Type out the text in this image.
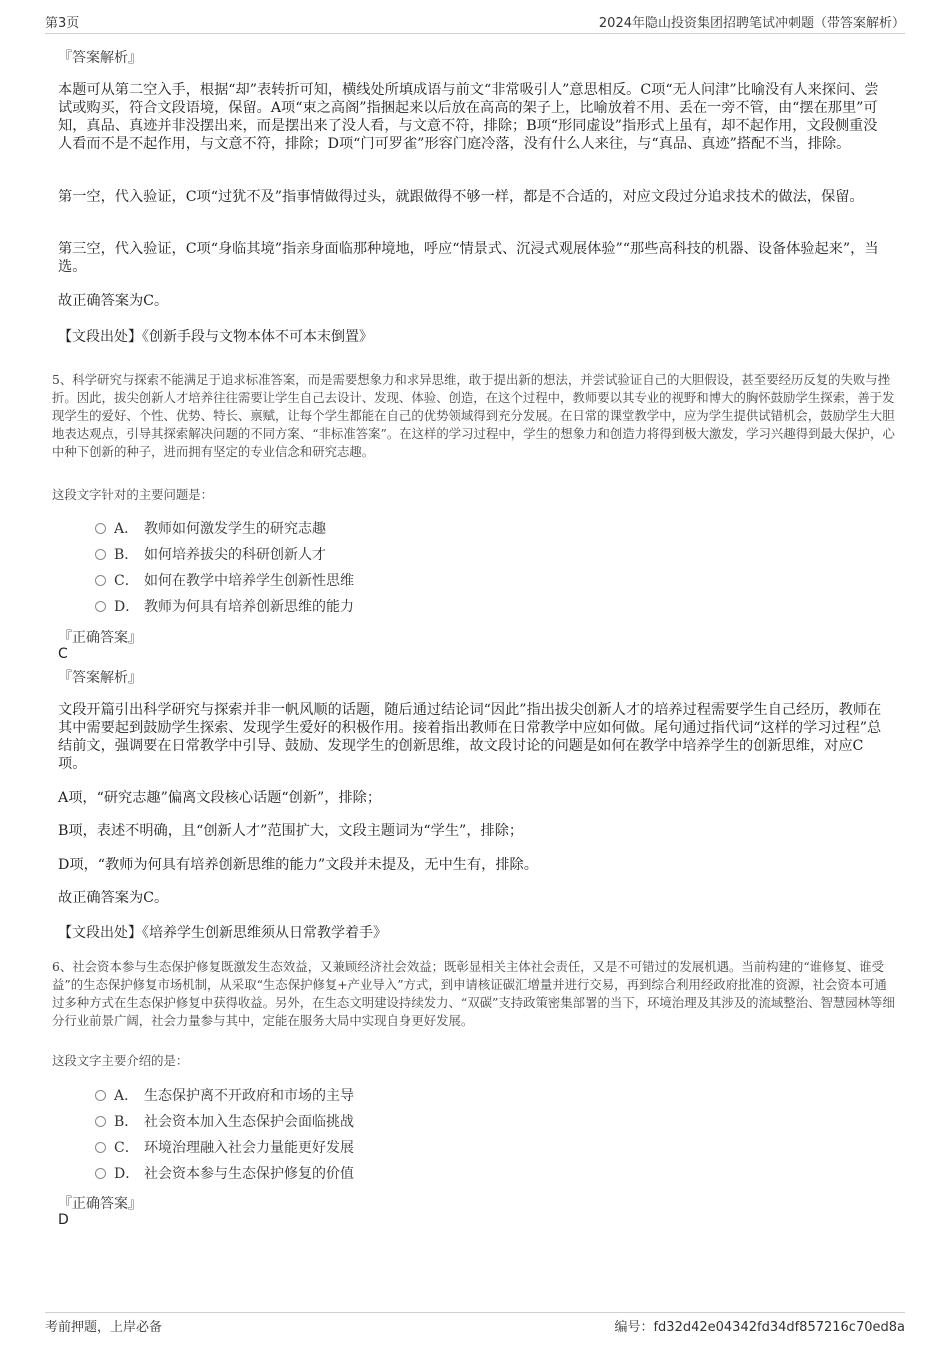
第3页	2024年隐山投资集团招聘笔试冲刺题（带答案解析）
『答案解析』

本题可从第二空入手，根据“却”表转折可知，横线处所填成语与前文“非常吸引人”意思相反。C项“无人问津”比喻没有人来探问、尝试或购买，符合文段语境，保留。A项“束之高阁”指捆起来以后放在高高的架子上，比喻放着不用、丢在一旁不管，由“摆在那里”可知，真品、真迹并非没摆出来，而是摆出来了没人看，与文意不符，排除；B项“形同虚设”指形式上虽有，却不起作用，文段侧重没人看而不是不起作用，与文意不符，排除；D项“门可罗雀”形容门庭冷落，没有什么人来往，与“真品、真迹”搭配不当，排除。

第一空，代入验证，C项“过犹不及”指事情做得过头，就跟做得不够一样，都是不合适的，对应文段过分追求技术的做法，保留。

第三空，代入验证，C项“身临其境”指亲身面临那种境地，呼应“情景式、沉浸式观展体验”“那些高科技的机器、设备体验起来”，当选。

故正确答案为C。

【文段出处】《创新手段与文物本体不可本末倒置》

5、科学研究与探索不能满足于追求标准答案，而是需要想象力和求异思维，敢于提出新的想法，并尝试验证自己的大胆假设，甚至要经历反复的失败与挫折。因此，拔尖创新人才培养往往需要让学生自己去设计、发现、体验、创造，在这个过程中，教师要以其专业的视野和博大的胸怀鼓励学生探索，善于发现学生的爱好、个性、优势、特长、禀赋，让每个学生都能在自己的优势领域得到充分发展。在日常的课堂教学中，应为学生提供试错机会，鼓励学生大胆地表达观点，引导其探索解决问题的不同方案、“非标准答案”。在这样的学习过程中，学生的想象力和创造力将得到极大激发，学习兴趣得到最大保护，心中种下创新的种子，进而拥有坚定的专业信念和研究志趣。

这段文字针对的主要问题是：
A． 教师如何激发学生的研究志趣
B． 如何培养拔尖的科研创新人才
C． 如何在教学中培养学生创新性思维
D． 教师为何具有培养创新思维的能力
『正确答案』
C
『答案解析』

文段开篇引出科学研究与探索并非一帆风顺的话题，随后通过结论词“因此”指出拔尖创新人才的培养过程需要学生自己经历，教师在其中需要起到鼓励学生探索、发现学生爱好的积极作用。接着指出教师在日常教学中应如何做。尾句通过指代词“这样的学习过程”总结前文，强调要在日常教学中引导、鼓励、发现学生的创新思维，故文段讨论的问题是如何在教学中培养学生的创新思维，对应C项。

A项，“研究志趣”偏离文段核心话题“创新”，排除；

B项，表述不明确，且“创新人才”范围扩大，文段主题词为“学生”，排除；

D项，“教师为何具有培养创新思维的能力”文段并未提及，无中生有，排除。

故正确答案为C。

【文段出处】《培养学生创新思维须从日常教学着手》

6、社会资本参与生态保护修复既激发生态效益，又兼顾经济社会效益；既彰显相关主体社会责任，又是不可错过的发展机遇。当前构建的“谁修复、谁受益”的生态保护修复市场机制，从采取“生态保护修复+产业导入”方式，到申请核证碳汇增量并进行交易，再到综合利用经政府批准的资源，社会资本可通过多种方式在生态保护修复中获得收益。另外，在生态文明建设持续发力、“双碳”支持政策密集部署的当下，环境治理及其涉及的流域整治、智慧园林等细分行业前景广阔，社会力量参与其中，定能在服务大局中实现自身更好发展。

这段文字主要介绍的是：
A． 生态保护离不开政府和市场的主导
B． 社会资本加入生态保护会面临挑战
C． 环境治理融入社会力量能更好发展
D． 社会资本参与生态保护修复的价值
『正确答案』
D
考前押题，上岸必备	编号：fd32d42e04342fd34df857216c70ed8a
